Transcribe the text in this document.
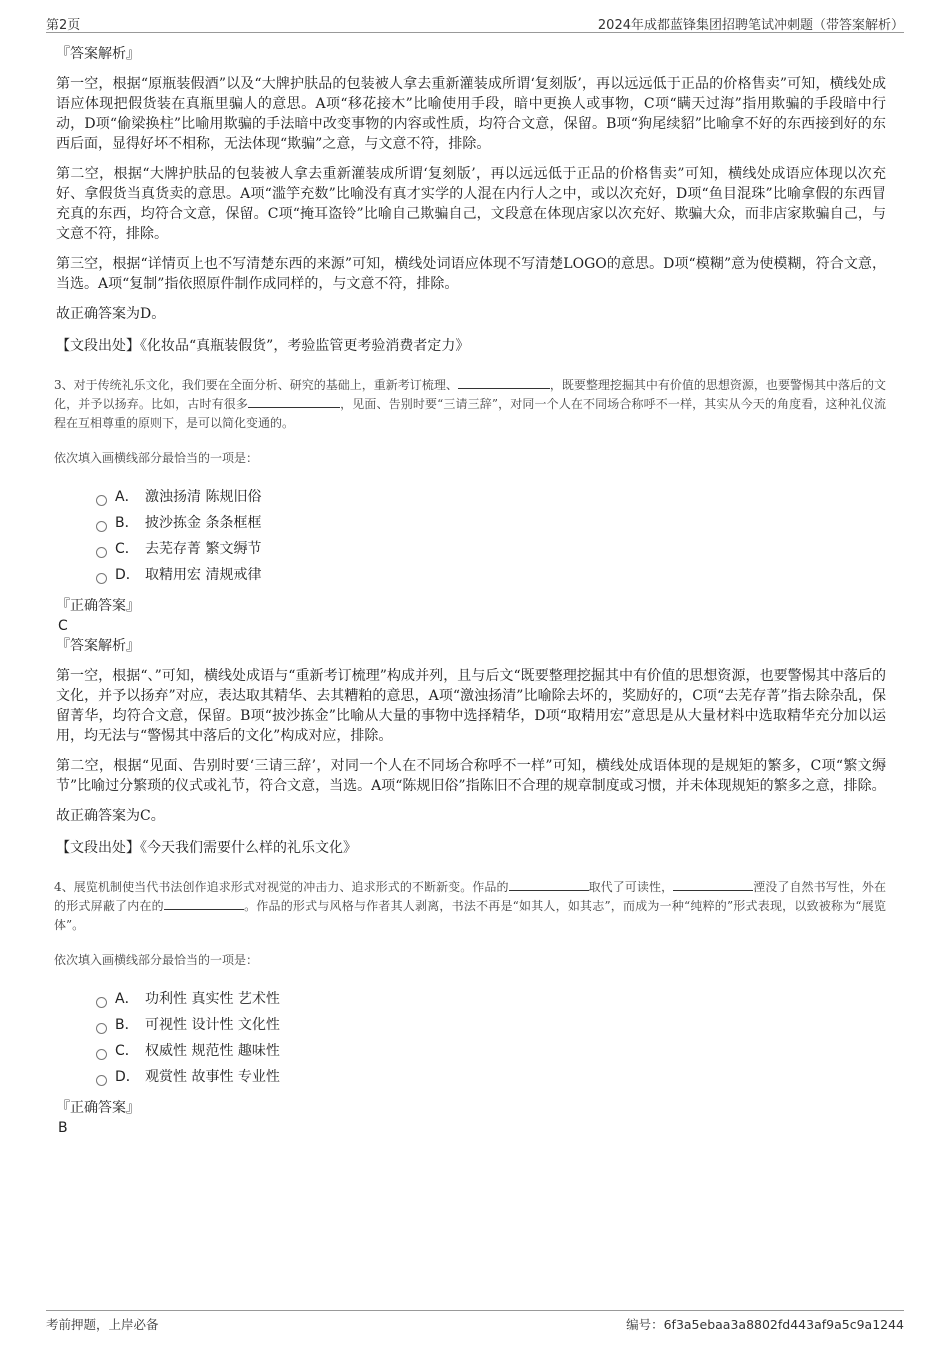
第2页	2024年成都蓝锋集团招聘笔试冲刺题（带答案解析）
『答案解析』

第一空，根据“原瓶装假酒”以及“大牌护肤品的包装被人拿去重新灌装成所谓‘复刻版’，再以远远低于正品的价格售卖”可知，横线处成语应体现把假货装在真瓶里骗人的意思。A项“移花接木”比喻使用手段，暗中更换人或事物，C项“瞒天过海”指用欺骗的手段暗中行动，D项“偷梁换柱”比喻用欺骗的手法暗中改变事物的内容或性质，均符合文意，保留。B项“狗尾续貂”比喻拿不好的东西接到好的东西后面，显得好坏不相称，无法体现“欺骗”之意，与文意不符，排除。

第二空，根据“大牌护肤品的包装被人拿去重新灌装成所谓‘复刻版’，再以远远低于正品的价格售卖”可知，横线处成语应体现以次充好、拿假货当真货卖的意思。A项“滥竽充数”比喻没有真才实学的人混在内行人之中，或以次充好，D项“鱼目混珠”比喻拿假的东西冒充真的东西，均符合文意，保留。C项“掩耳盗铃”比喻自己欺骗自己，文段意在体现店家以次充好、欺骗大众，而非店家欺骗自己，与文意不符，排除。

第三空，根据“详情页上也不写清楚东西的来源”可知，横线处词语应体现不写清楚LOGO的意思。D项“模糊”意为使模糊，符合文意，当选。A项“复制”指依照原件制作成同样的，与文意不符，排除。

故正确答案为D。

【文段出处】《化妆品“真瓶装假货”，考验监管更考验消费者定力》
3、对于传统礼乐文化，我们要在全面分析、研究的基础上，重新考订梳理、	，既要整理挖掘其中有价值的思想资源，也要警惕其中落后的文化，并予以扬弃。比如，古时有很多	，见面、告别时要“三请三辞”，对同一个人在不同场合称呼不一样，其实从今天的角度看，这种礼仪流程在互相尊重的原则下，是可以简化变通的。
依次填入画横线部分最恰当的一项是：
A． 激浊扬清 陈规旧俗
B． 披沙拣金 条条框框
C． 去芜存菁 繁文缛节
D． 取精用宏 清规戒律
『正确答案』
C
『答案解析』

第一空，根据“、”可知，横线处成语与“重新考订梳理”构成并列，且与后文“既要整理挖掘其中有价值的思想资源，也要警惕其中落后的文化，并予以扬弃”对应，表达取其精华、去其糟粕的意思，A项“激浊扬清”比喻除去坏的，奖励好的，C项“去芜存菁”指去除杂乱，保留菁华，均符合文意，保留。B项“披沙拣金”比喻从大量的事物中选择精华，D项“取精用宏”意思是从大量材料中选取精华充分加以运用，均无法与“警惕其中落后的文化”构成对应，排除。

第二空，根据“见面、告别时要‘三请三辞’，对同一个人在不同场合称呼不一样”可知，横线处成语体现的是规矩的繁多，C项“繁文缛节”比喻过分繁琐的仪式或礼节，符合文意，当选。A项“陈规旧俗”指陈旧不合理的规章制度或习惯，并未体现规矩的繁多之意，排除。

故正确答案为C。

【文段出处】《今天我们需要什么样的礼乐文化》
4、展览机制使当代书法创作追求形式对视觉的冲击力、追求形式的不断新变。作品的	取代了可读性，	湮没了自然书写性，外在的形式屏蔽了内在的	。作品的形式与风格与作者其人剥离，书法不再是“如其人，如其志”，而成为一种“纯粹的”形式表现，以致被称为“展览体”。
依次填入画横线部分最恰当的一项是：
A． 功利性 真实性 艺术性
B． 可视性 设计性 文化性
C． 权威性 规范性 趣味性
D． 观赏性 故事性 专业性
『正确答案』
B
考前押题，上岸必备	编号：6f3a5ebaa3a8802fd443af9a5c9a1244
